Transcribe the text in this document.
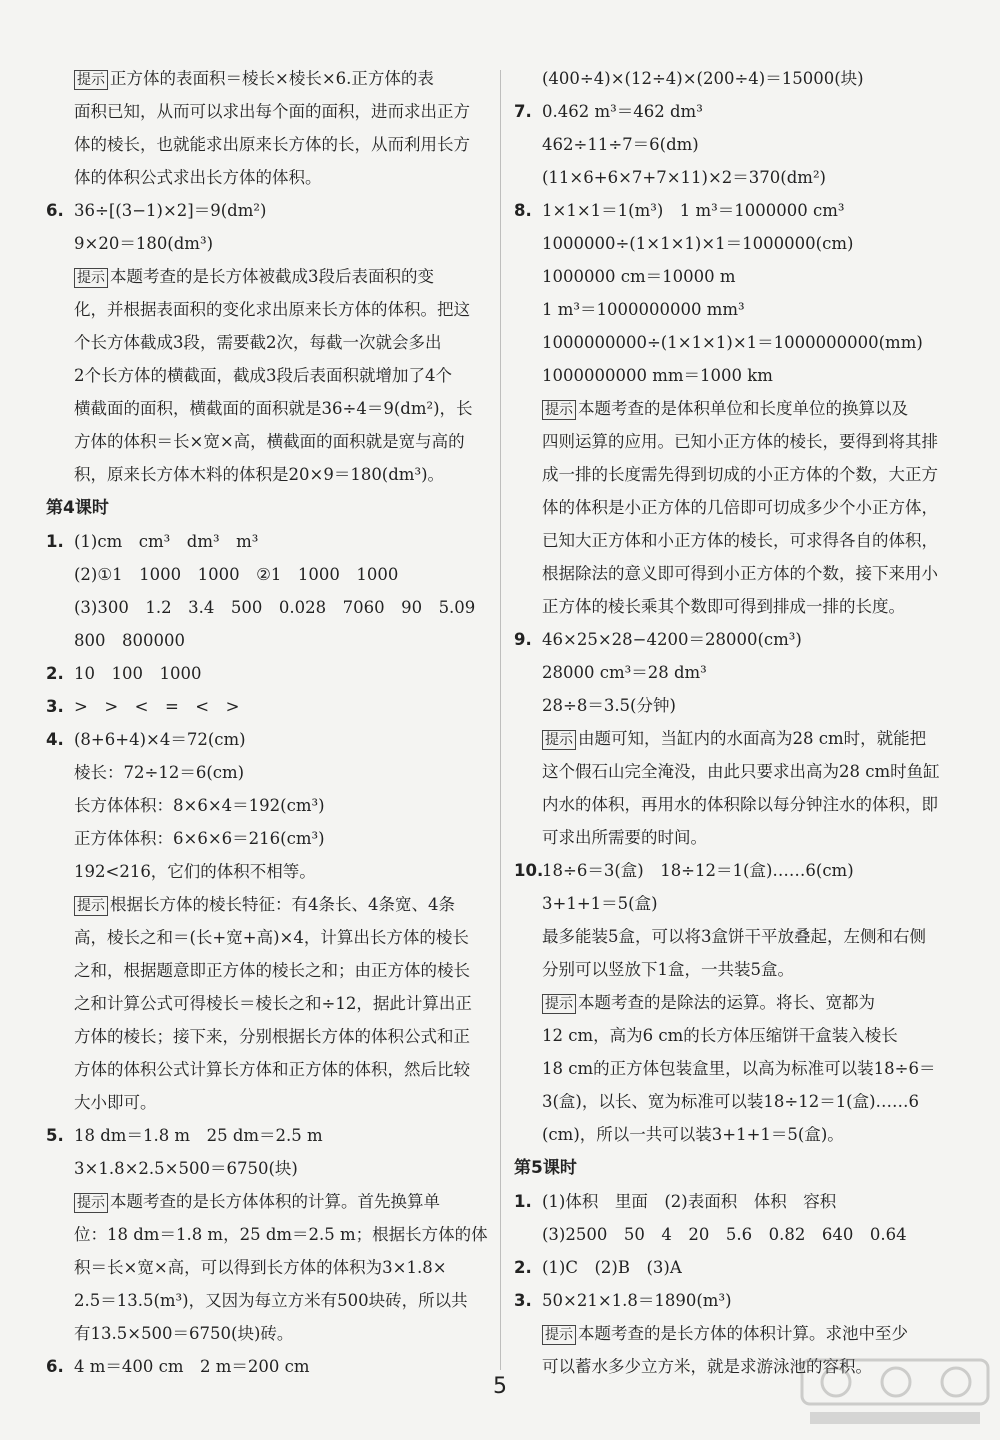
提示 正方体的表面积＝棱长×棱长×6.正方体的表
面积已知，从而可以求出每个面的面积，进而求出正方
体的棱长，也就能求出原来长方体的长，从而利用长方
体的体积公式求出长方体的体积。
6. 36÷[(3−1)×2]＝9(dm²)
9×20＝180(dm³)
提示 本题考查的是长方体被截成3段后表面积的变
化，并根据表面积的变化求出原来长方体的体积。把这
个长方体截成3段，需要截2次，每截一次就会多出
2个长方体的横截面，截成3段后表面积就增加了4个
横截面的面积，横截面的面积就是36÷4＝9(dm²)，长
方体的体积＝长×宽×高，横截面的面积就是宽与高的
积，原来长方体木料的体积是20×9＝180(dm³)。
第4课时
1. (1)cm　cm³　dm³　m³
(2)①1　1000　1000　②1　1000　1000
(3)300　1.2　3.4　500　0.028　7060　90　5.09
800　800000
2. 10　100　1000
3. >　>　<　=　<　>
4. (8+6+4)×4＝72(cm)
棱长：72÷12＝6(cm)
长方体体积：8×6×4＝192(cm³)
正方体体积：6×6×6＝216(cm³)
192<216，它们的体积不相等。
提示 根据长方体的棱长特征：有4条长、4条宽、4条
高，棱长之和＝(长+宽+高)×4，计算出长方体的棱长
之和，根据题意即正方体的棱长之和；由正方体的棱长
之和计算公式可得棱长＝棱长之和÷12，据此计算出正
方体的棱长；接下来，分别根据长方体的体积公式和正
方体的体积公式计算长方体和正方体的体积，然后比较
大小即可。
5. 18 dm＝1.8 m　25 dm＝2.5 m
3×1.8×2.5×500＝6750(块)
提示 本题考查的是长方体体积的计算。首先换算单
位：18 dm＝1.8 m，25 dm＝2.5 m；根据长方体的体
积＝长×宽×高，可以得到长方体的体积为3×1.8×
2.5＝13.5(m³)，又因为每立方米有500块砖，所以共
有13.5×500＝6750(块)砖。
6. 4 m＝400 cm　2 m＝200 cm
(400÷4)×(12÷4)×(200÷4)＝15000(块)
7. 0.462 m³＝462 dm³
462÷11÷7＝6(dm)
(11×6+6×7+7×11)×2＝370(dm²)
8. 1×1×1＝1(m³)　1 m³＝1000000 cm³
1000000÷(1×1×1)×1＝1000000(cm)
1000000 cm＝10000 m
1 m³＝1000000000 mm³
1000000000÷(1×1×1)×1＝1000000000(mm)
1000000000 mm＝1000 km
提示 本题考查的是体积单位和长度单位的换算以及
四则运算的应用。已知小正方体的棱长，要得到将其排
成一排的长度需先得到切成的小正方体的个数，大正方
体的体积是小正方体的几倍即可切成多少个小正方体，
已知大正方体和小正方体的棱长，可求得各自的体积，
根据除法的意义即可得到小正方体的个数，接下来用小
正方体的棱长乘其个数即可得到排成一排的长度。
9. 46×25×28−4200＝28000(cm³)
28000 cm³＝28 dm³
28÷8＝3.5(分钟)
提示 由题可知，当缸内的水面高为28 cm时，就能把
这个假石山完全淹没，由此只要求出高为28 cm时鱼缸
内水的体积，再用水的体积除以每分钟注水的体积，即
可求出所需要的时间。
10.18÷6＝3(盒)　18÷12＝1(盒)……6(cm)
3+1+1＝5(盒)
最多能装5盒，可以将3盒饼干平放叠起，左侧和右侧
分别可以竖放下1盒，一共装5盒。
提示 本题考查的是除法的运算。将长、宽都为
12 cm，高为6 cm的长方体压缩饼干盒装入棱长
18 cm的正方体包装盒里，以高为标准可以装18÷6＝
3(盒)，以长、宽为标准可以装18÷12＝1(盒)……6
(cm)，所以一共可以装3+1+1＝5(盒)。
第5课时
1. (1)体积　里面　(2)表面积　体积　容积
(3)2500　50　4　20　5.6　0.82　640　0.64
2. (1)C　(2)B　(3)A
3. 50×21×1.8＝1890(m³)
提示 本题考查的是长方体的体积计算。求池中至少
可以蓄水多少立方米，就是求游泳池的容积。
5
